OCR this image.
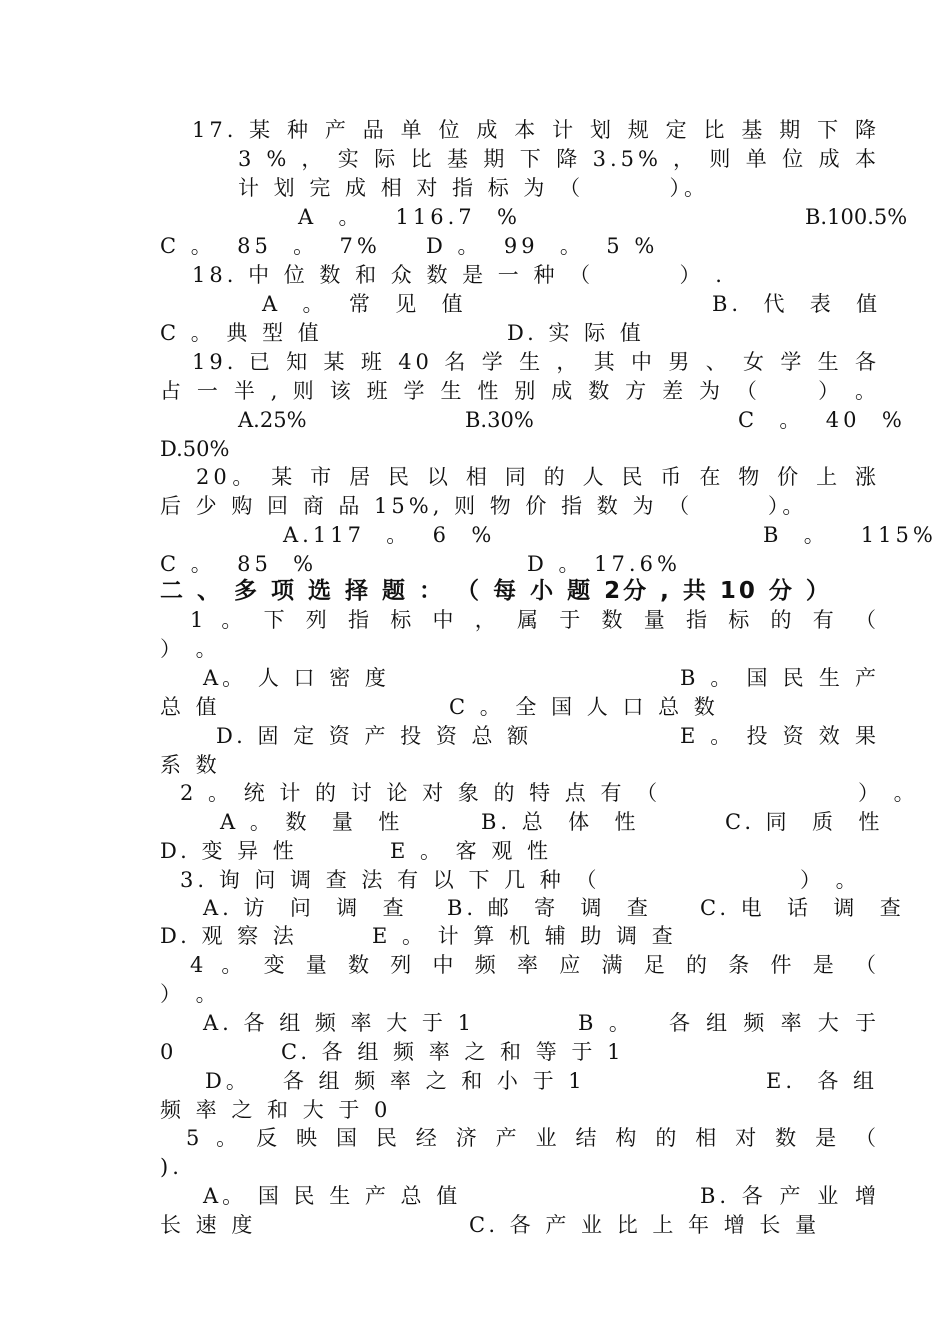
17. 某 种 产 品 单 位 成 本 计 划 规 定 比 基 期 下 降
3 % ， 实 际 比 基 期 下 降 3.5% ， 则 单 位 成 本
计 划 完 成 相 对 指 标 为 （        ）。
A  。   116.7  %	B.100.5%
C 。  85  。  7% D 。  99  。  5 %
18. 中 位 数 和 众 数 是 一 种 （        ） .
A  。  常  见  值	B.  代  表  值
C 。 典 型 值	D. 实 际 值
19. 已 知 某 班 40 名 学 生 ， 其 中 男 、 女 学 生 各
占 一 半 , 则 该 班 学 生 性 别 成 数 方 差 为 （     ） 。
A.25%	B.30%	C  。  40  %
D.50%
20。 某 市 居 民 以 相 同 的 人 民 币 在 物 价 上 涨
后 少 购 回 商 品 15%, 则 物 价 指 数 为 （       ）。
A.117  。  6  %	B  。   115%
C 。  85  %	D 。 17.6%
二 、 多 项 选 择 题 ： （ 每 小 题 2分 , 共 10 分 ）
1 。 下 列 指 标 中 ， 属 于 数 量 指 标 的 有 （
） 。
A。 人 口 密 度	B 。 国 民 生 产
总 值	C 。 全 国 人 口 总 数
D. 固 定 资 产 投 资 总 额	E 。 投 资 效 果
系 数
2 。 统 计 的 讨 论 对 象 的 特 点 有 （	） 。
A 。 数  量  性	B. 总  体  性	C. 同  质  性
D. 变 异 性	E 。 客 观 性
3. 询 问 调 查 法 有 以 下 几 种 （	） 。
A. 访  问  调  查 B. 邮  寄  调  查 C. 电  话  调  查
D. 观 察 法	E 。 计 算 机 辅 助 调 查
4 。 变 量 数 列 中 频 率 应 满 足 的 条 件 是 （
） 。
A. 各 组 频 率 大 于 1	B 。   各 组 频 率 大 于
0	C. 各 组 频 率 之 和 等 于 1
D。   各 组 频 率 之 和 小 于 1	E.  各 组
频 率 之 和 大 于 0
5 。 反 映 国 民 经 济 产 业 结 构 的 相 对 数 是 （
).
A。 国 民 生 产 总 值	B. 各 产 业 增
长 速 度	C. 各 产 业 比 上 年 增 长 量
